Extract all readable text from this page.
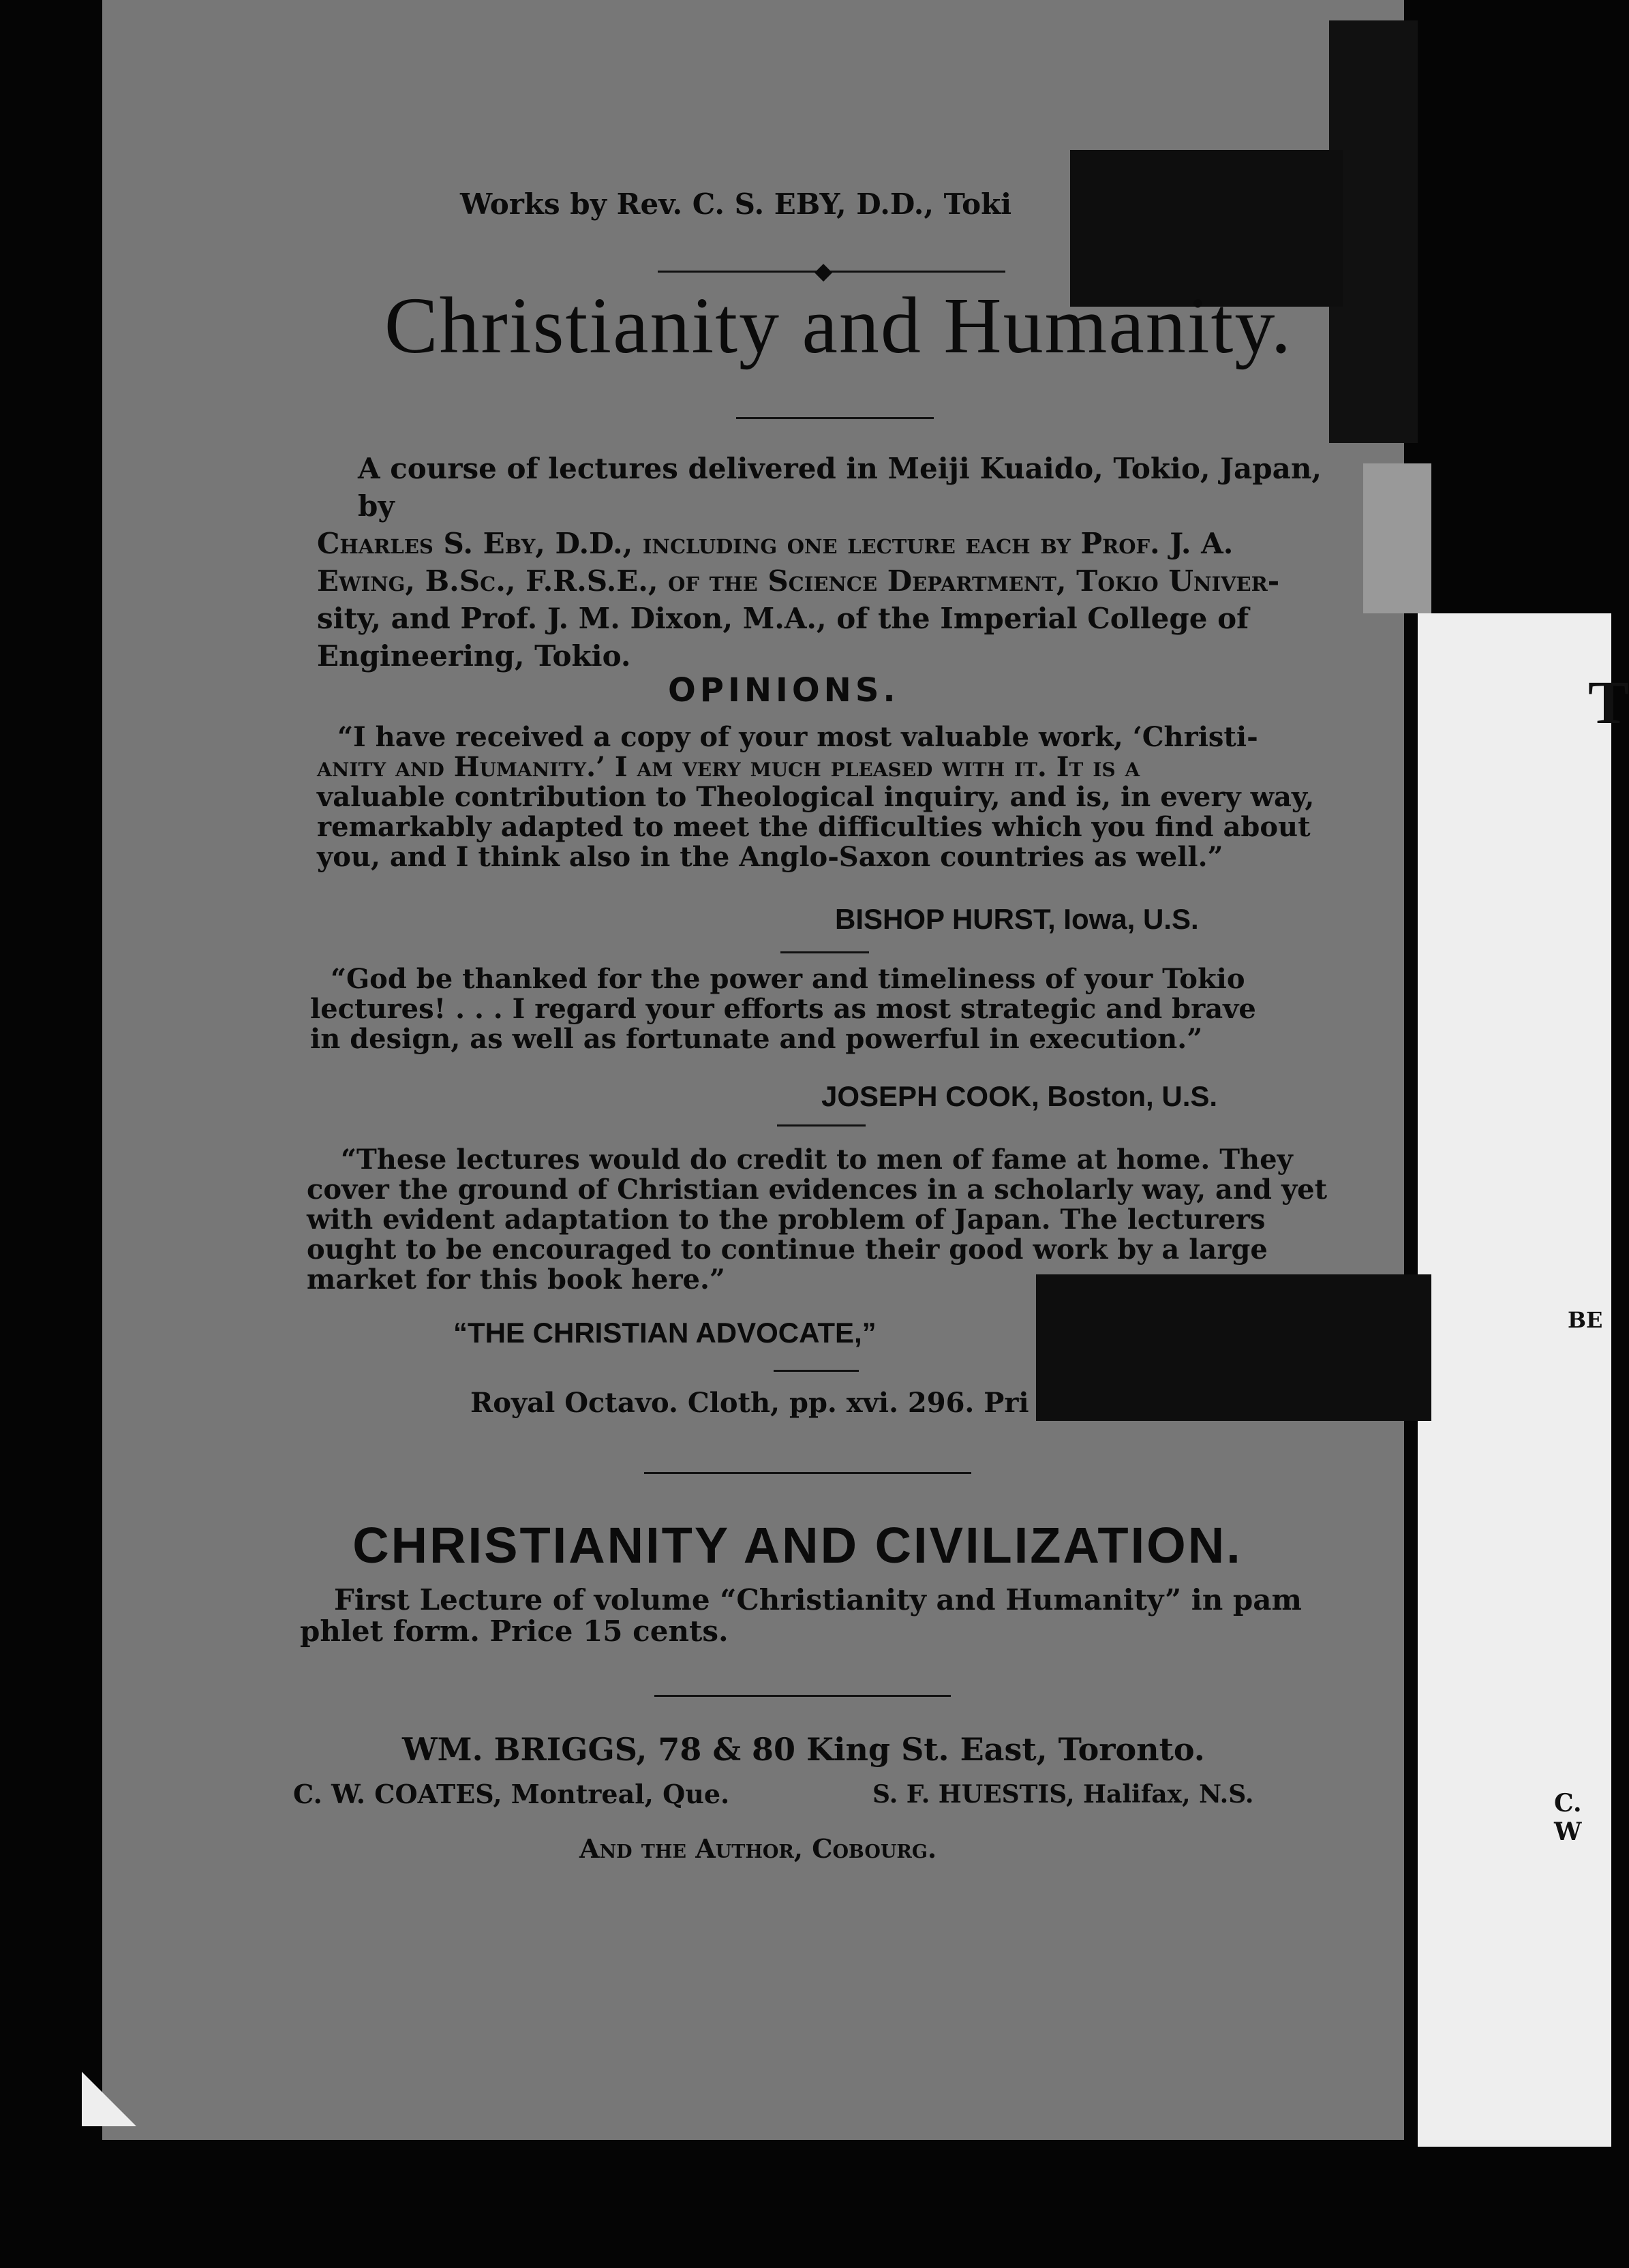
Works by Rev. C. S. EBY, D.D., Toki
◆
Christianity and Humanity.
A course of lectures delivered in Meiji Kuaido, Tokio, Japan, by
Charles S. Eby, D.D., including one lecture each by Prof. J. A.
Ewing, B.Sc., F.R.S.E., of the Science Department, Tokio Univer-
sity, and Prof. J. M. Dixon, M.A., of the Imperial College of
Engineering, Tokio.
OPINIONS.
“I have received a copy of your most valuable work, ‘Christi-
anity and Humanity.’ I am very much pleased with it. It is a
valuable contribution to Theological inquiry, and is, in every way,
remarkably adapted to meet the difficulties which you find about
you, and I think also in the Anglo-Saxon countries as well.”
BISHOP HURST, Iowa, U.S.
“God be thanked for the power and timeliness of your Tokio
lectures! . . . I regard your efforts as most strategic and brave
in design, as well as fortunate and powerful in execution.”
JOSEPH COOK, Boston, U.S.
“These lectures would do credit to men of fame at home. They
cover the ground of Christian evidences in a scholarly way, and yet
with evident adaptation to the problem of Japan. The lecturers
ought to be encouraged to continue their good work by a large
market for this book here.”
“THE CHRISTIAN ADVOCATE,”
Royal Octavo. Cloth, pp. xvi. 296. Pri
CHRISTIANITY AND CIVILIZATION.
First Lecture of volume “Christianity and Humanity” in pam
phlet form. Price 15 cents.
WM. BRIGGS, 78 & 80 King St. East, Toronto.
C. W. COATES, Montreal, Que.	S. F. HUESTIS, Halifax, N.S.
And the Author, Cobourg.
T
BE
C. W
